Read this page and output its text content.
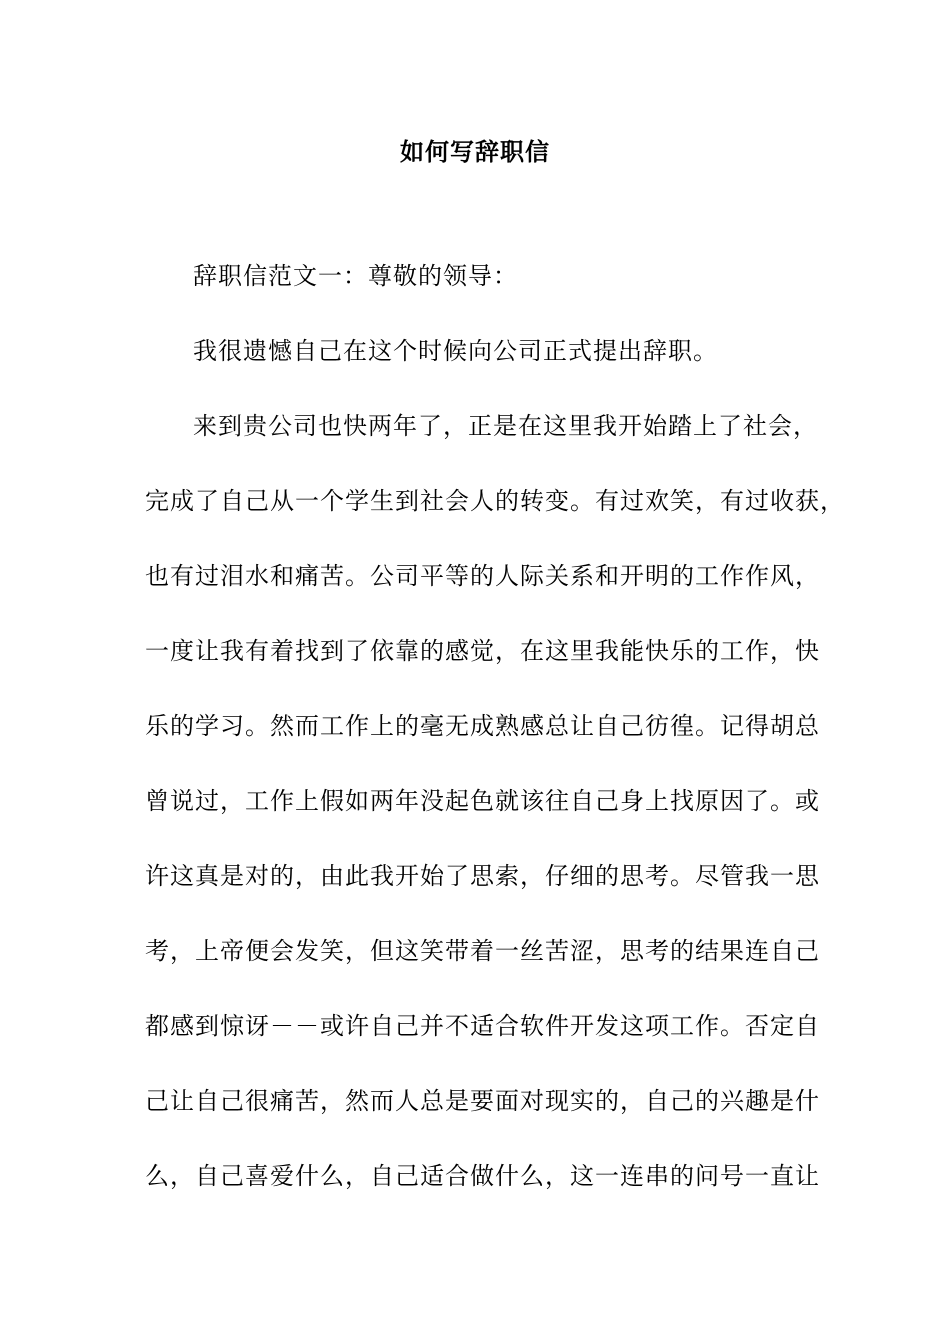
如何写辞职信
辞职信范文一：尊敬的领导：
我很遗憾自己在这个时候向公司正式提出辞职。
来到贵公司也快两年了，正是在这里我开始踏上了社会，
完成了自己从一个学生到社会人的转变。有过欢笑，有过收获，
也有过泪水和痛苦。公司平等的人际关系和开明的工作作风，
一度让我有着找到了依靠的感觉，在这里我能快乐的工作，快
乐的学习。然而工作上的毫无成熟感总让自己彷徨。记得胡总
曾说过，工作上假如两年没起色就该往自己身上找原因了。或
许这真是对的，由此我开始了思索，仔细的思考。尽管我一思
考，上帝便会发笑，但这笑带着一丝苦涩，思考的结果连自己
都感到惊讶－－或许自己并不适合软件开发这项工作。否定自
己让自己很痛苦，然而人总是要面对现实的，自己的兴趣是什
么，自己喜爱什么，自己适合做什么，这一连串的问号一直让
